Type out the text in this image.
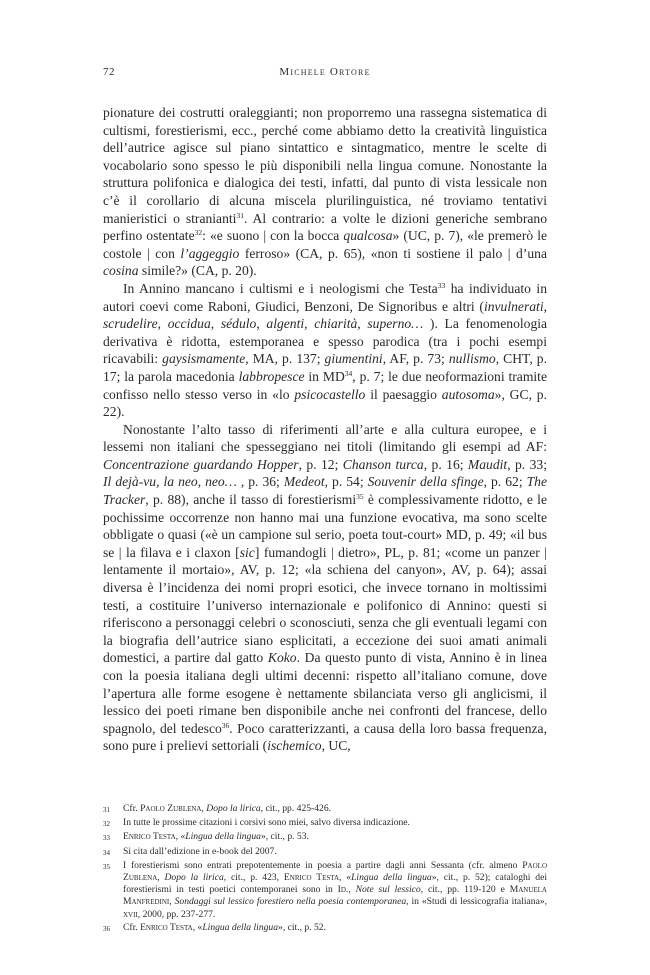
72	Michele Ortore

pionature dei costrutti oraleggianti; non proporremo una rassegna sistematica di cultismi, forestierismi, ecc., perché come abbiamo detto la creatività linguistica dell’autrice agisce sul piano sintattico e sintagmatico, mentre le scelte di vocabolario sono spesso le più disponibili nella lingua comune. Nonostante la struttura polifonica e dialogica dei testi, infatti, dal punto di vista lessicale non c’è il corollario di alcuna miscela plurilinguistica, né troviamo tentativi manieristici o stranianti$^{31}$. Al contrario: a volte le dizioni generiche sembrano perfino ostentate$^{32}$: «e suono | con la bocca qualcosa» (UC, p. 7), «le premerò le costole | con l’aggeggio ferroso» (CA, p. 65), «non ti sostiene il palo | d’una cosina simile?» (CA, p. 20).

In Annino mancano i cultismi e i neologismi che Testa$^{33}$ ha individuato in autori coevi come Raboni, Giudici, Benzoni, De Signoribus e altri (invulnerati, scrudelire, occidua, sédulo, algenti, chiarità, superno… ). La fenomenologia derivativa è ridotta, estemporanea e spesso parodica (tra i pochi esempi ricavabili: gaysismamente, MA, p. 137; giumentini, AF, p. 73; nullismo, CHT, p. 17; la parola macedonia labbropesce in MD$^{34}$, p. 7; le due neoformazioni tramite confisso nello stesso verso in «lo psicocastello il paesaggio autosoma», GC, p. 22).

Nonostante l’alto tasso di riferimenti all’arte e alla cultura europee, e i lessemi non italiani che spesseggiano nei titoli (limitando gli esempi ad AF: Concentrazione guardando Hopper, p. 12; Chanson turca, p. 16; Maudit, p. 33; Il dejà-vu, la neo, neo… , p. 36; Medeot, p. 54; Souvenir della sfinge, p. 62; The Tracker, p. 88), anche il tasso di forestierismi$^{35}$ è complessivamente ridotto, e le pochissime occorrenze non hanno mai una funzione evocativa, ma sono scelte obbligate o quasi («è un campione sul serio, poeta tout-court» MD, p. 49; «il bus se | la filava e i claxon [sic] fumandogli | dietro», PL, p. 81; «come un panzer | lentamente il mortaio», AV, p. 12; «la schiena del canyon», AV, p. 64); assai diversa è l’incidenza dei nomi propri esotici, che invece tornano in moltissimi testi, a costituire l’universo internazionale e polifonico di Annino: questi si riferiscono a personaggi celebri o sconosciuti, senza che gli eventuali legami con la biografia dell’autrice siano esplicitati, a eccezione dei suoi amati animali domestici, a partire dal gatto Koko. Da questo punto di vista, Annino è in linea con la poesia italiana degli ultimi decenni: rispetto all’italiano comune, dove l’apertura alle forme esogene è nettamente sbilanciata verso gli anglicismi, il lessico dei poeti rimane ben disponibile anche nei confronti del francese, dello spagnolo, del tedesco$^{36}$. Poco caratterizzanti, a causa della loro bassa frequenza, sono pure i prelievi settoriali (ischemico, UC,

31	Cfr. Paolo Zublena, Dopo la lirica, cit., pp. 425-426.
32	In tutte le prossime citazioni i corsivi sono miei, salvo diversa indicazione.
33	Enrico Testa, «Lingua della lingua», cit., p. 53.
34	Si cita dall’edizione in e-book del 2007.
35	I forestierismi sono entrati prepotentemente in poesia a partire dagli anni Sessanta (cfr. almeno Paolo Zublena, Dopo la lirica, cit., p. 423, Enrico Testa, «Lingua della lingua», cit., p. 52); cataloghi dei forestierismi in testi poetici contemporanei sono in Id., Note sul lessico, cit., pp. 119-120 e Manuela Manfredini, Sondaggi sul lessico forestiero nella poesia contemporanea, in «Studi di lessicografia italiana», xvii, 2000, pp. 237-277.
36	Cfr. Enrico Testa, «Lingua della lingua», cit., p. 52.
